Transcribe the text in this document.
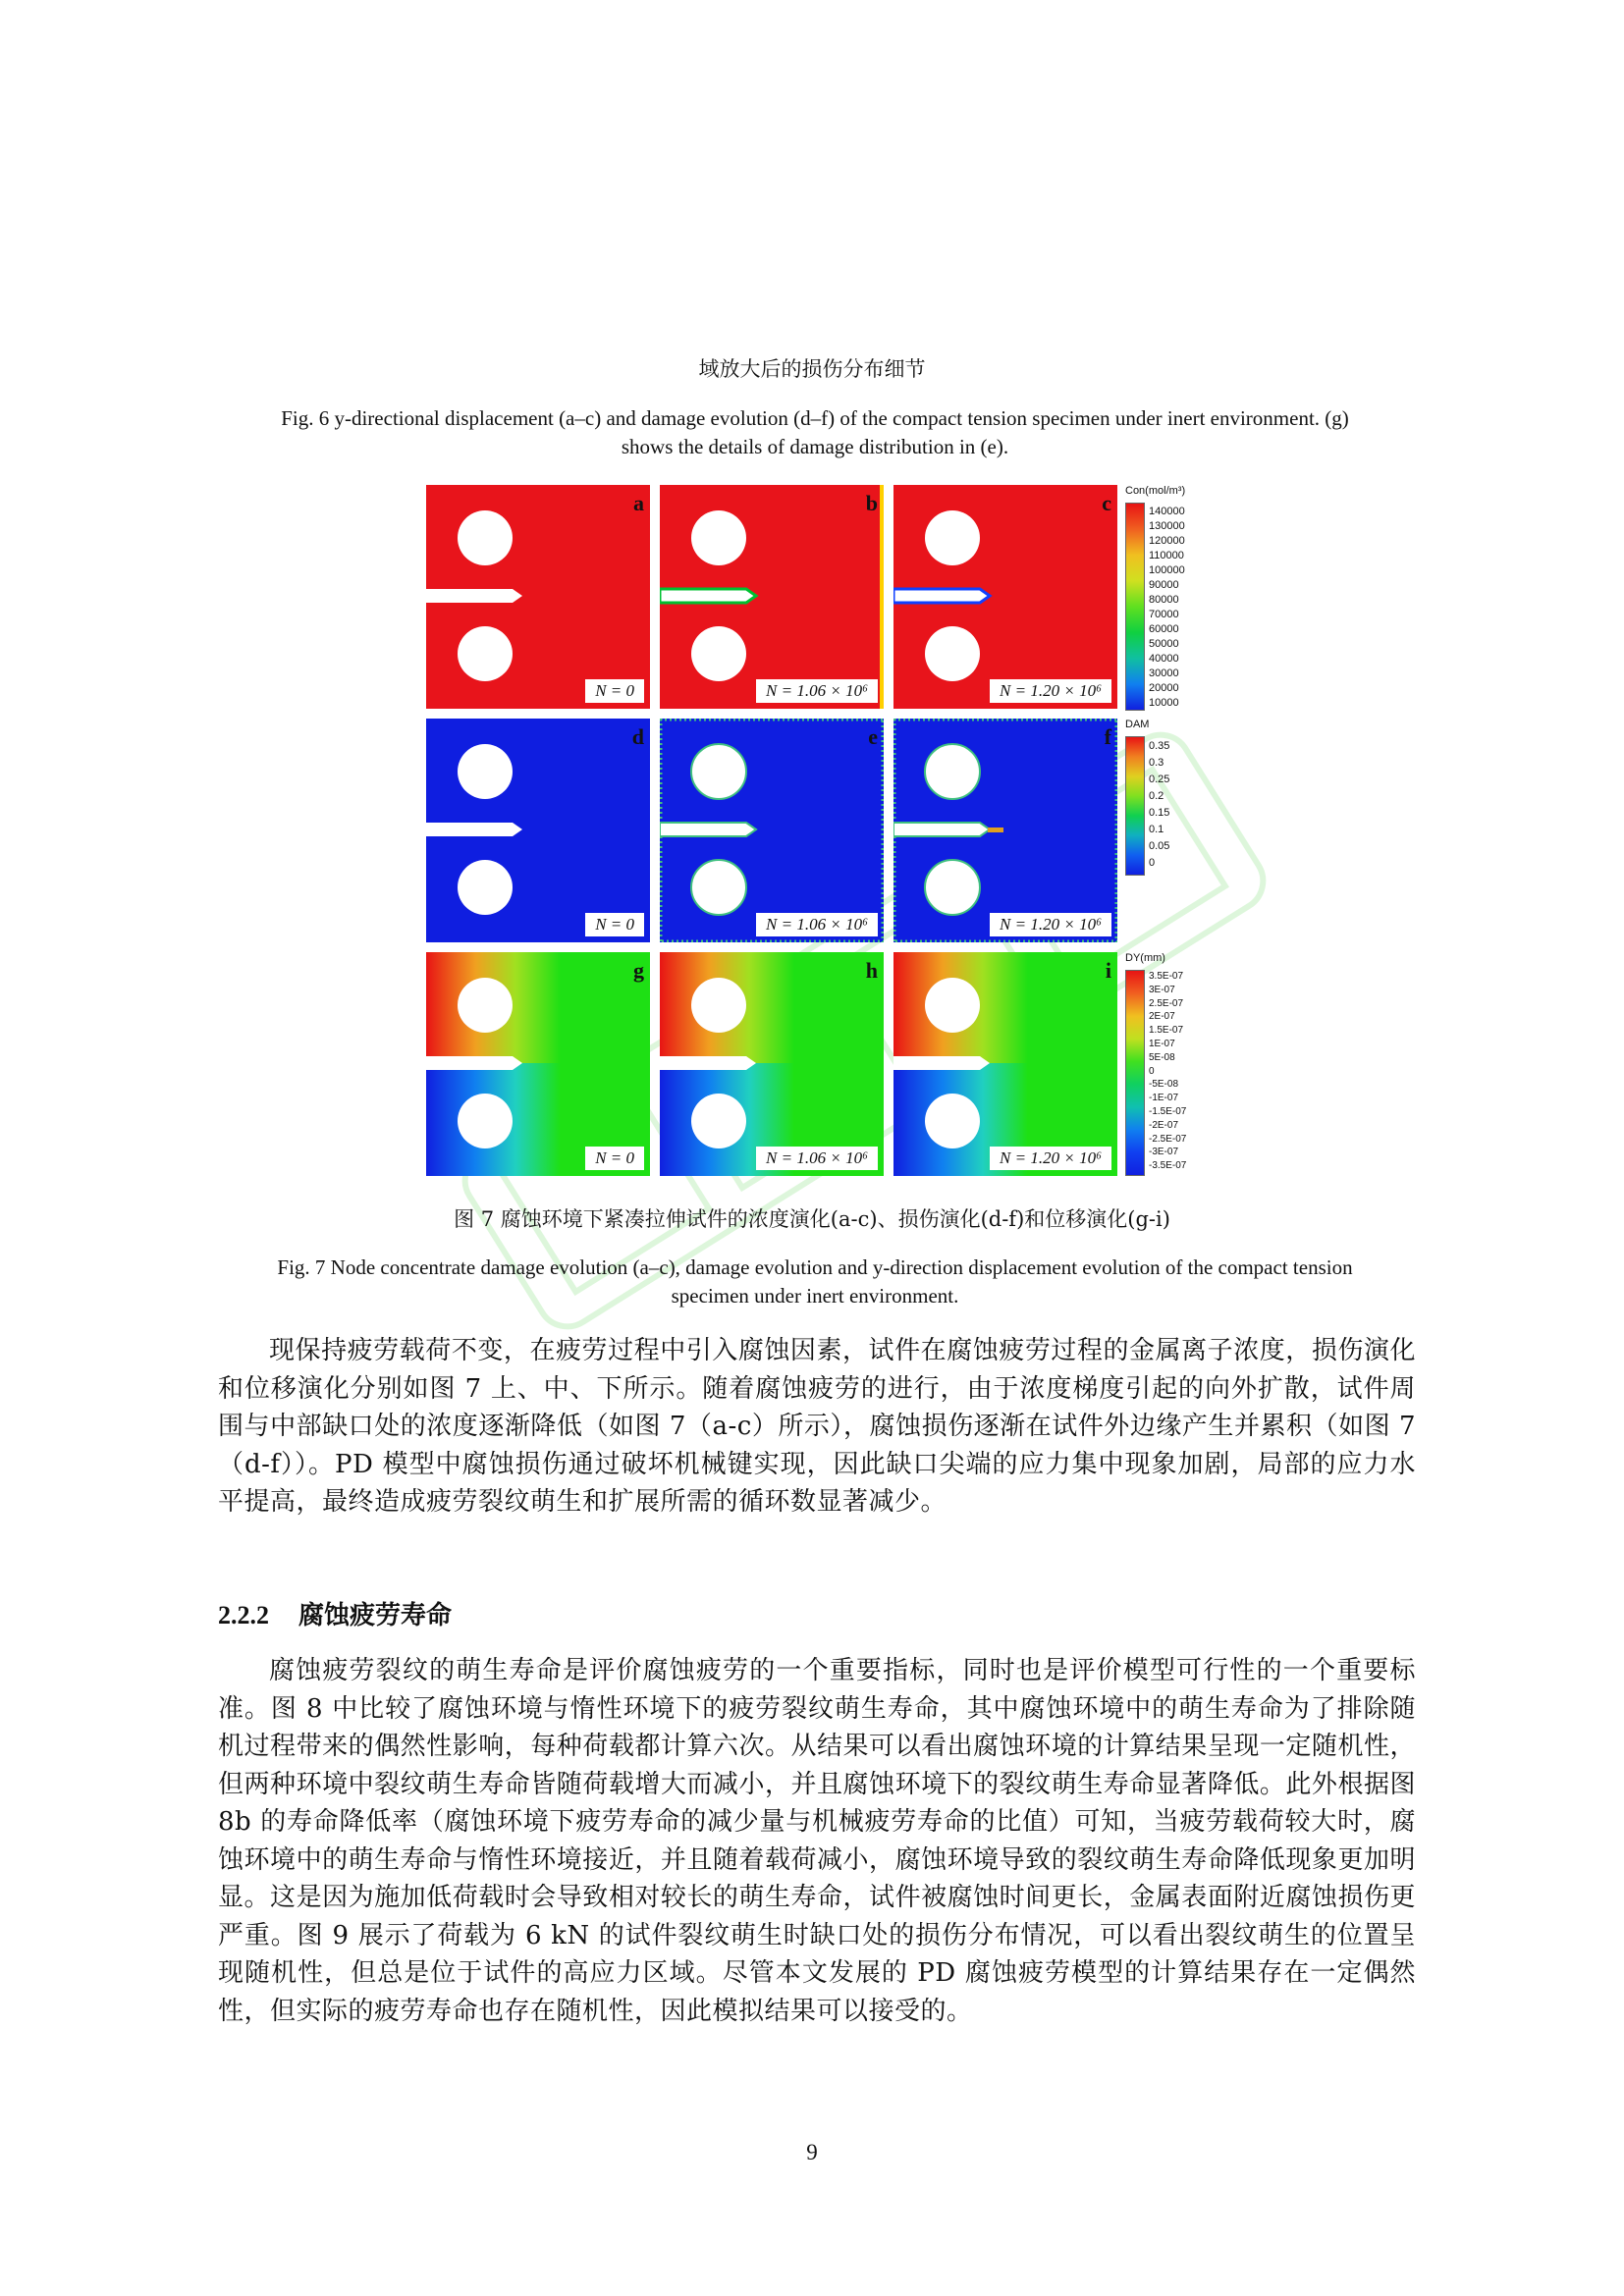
域放大后的损伤分布细节
Fig. 6 y-directional displacement (a–c) and damage evolution (d–f) of the compact tension specimen under inert environment. (g) shows the details of damage distribution in (e).
a
N = 0
b
N = 1.06 × 10⁶
c
N = 1.20 × 10⁶
d
N = 0
e
N = 1.06 × 10⁶
f
N = 1.20 × 10⁶
g
N = 0
h
N = 1.06 × 10⁶
i
N = 1.20 × 10⁶
Con(mol/m³)
140000
130000
120000
110000
100000
90000
80000
70000
60000
50000
40000
30000
20000
10000
DAM
0.35
0.3
0.25
0.2
0.15
0.1
0.05
0
DY(mm)
3.5E-07
3E-07
2.5E-07
2E-07
1.5E-07
1E-07
5E-08
0
-5E-08
-1E-07
-1.5E-07
-2E-07
-2.5E-07
-3E-07
-3.5E-07
图 7 腐蚀环境下紧凑拉伸试件的浓度演化(a-c)、损伤演化(d-f)和位移演化(g-i)
Fig. 7 Node concentrate damage evolution (a–c), damage evolution and y-direction displacement evolution of the compact tension specimen under inert environment.
现保持疲劳载荷不变，在疲劳过程中引入腐蚀因素，试件在腐蚀疲劳过程的金属离子浓度，损伤演化和位移演化分别如图 7 上、中、下所示。随着腐蚀疲劳的进行，由于浓度梯度引起的向外扩散，试件周围与中部缺口处的浓度逐渐降低（如图 7（a-c）所示），腐蚀损伤逐渐在试件外边缘产生并累积（如图 7（d-f））。PD 模型中腐蚀损伤通过破坏机械键实现，因此缺口尖端的应力集中现象加剧，局部的应力水平提高，最终造成疲劳裂纹萌生和扩展所需的循环数显著减少。
2.2.2 腐蚀疲劳寿命
腐蚀疲劳裂纹的萌生寿命是评价腐蚀疲劳的一个重要指标，同时也是评价模型可行性的一个重要标准。图 8 中比较了腐蚀环境与惰性环境下的疲劳裂纹萌生寿命，其中腐蚀环境中的萌生寿命为了排除随机过程带来的偶然性影响，每种荷载都计算六次。从结果可以看出腐蚀环境的计算结果呈现一定随机性，但两种环境中裂纹萌生寿命皆随荷载增大而减小，并且腐蚀环境下的裂纹萌生寿命显著降低。此外根据图 8b 的寿命降低率（腐蚀环境下疲劳寿命的减少量与机械疲劳寿命的比值）可知，当疲劳载荷较大时，腐蚀环境中的萌生寿命与惰性环境接近，并且随着载荷减小，腐蚀环境导致的裂纹萌生寿命降低现象更加明显。这是因为施加低荷载时会导致相对较长的萌生寿命，试件被腐蚀时间更长，金属表面附近腐蚀损伤更严重。图 9 展示了荷载为 6 kN 的试件裂纹萌生时缺口处的损伤分布情况，可以看出裂纹萌生的位置呈现随机性，但总是位于试件的高应力区域。尽管本文发展的 PD 腐蚀疲劳模型的计算结果存在一定偶然性，但实际的疲劳寿命也存在随机性，因此模拟结果可以接受的。
9
